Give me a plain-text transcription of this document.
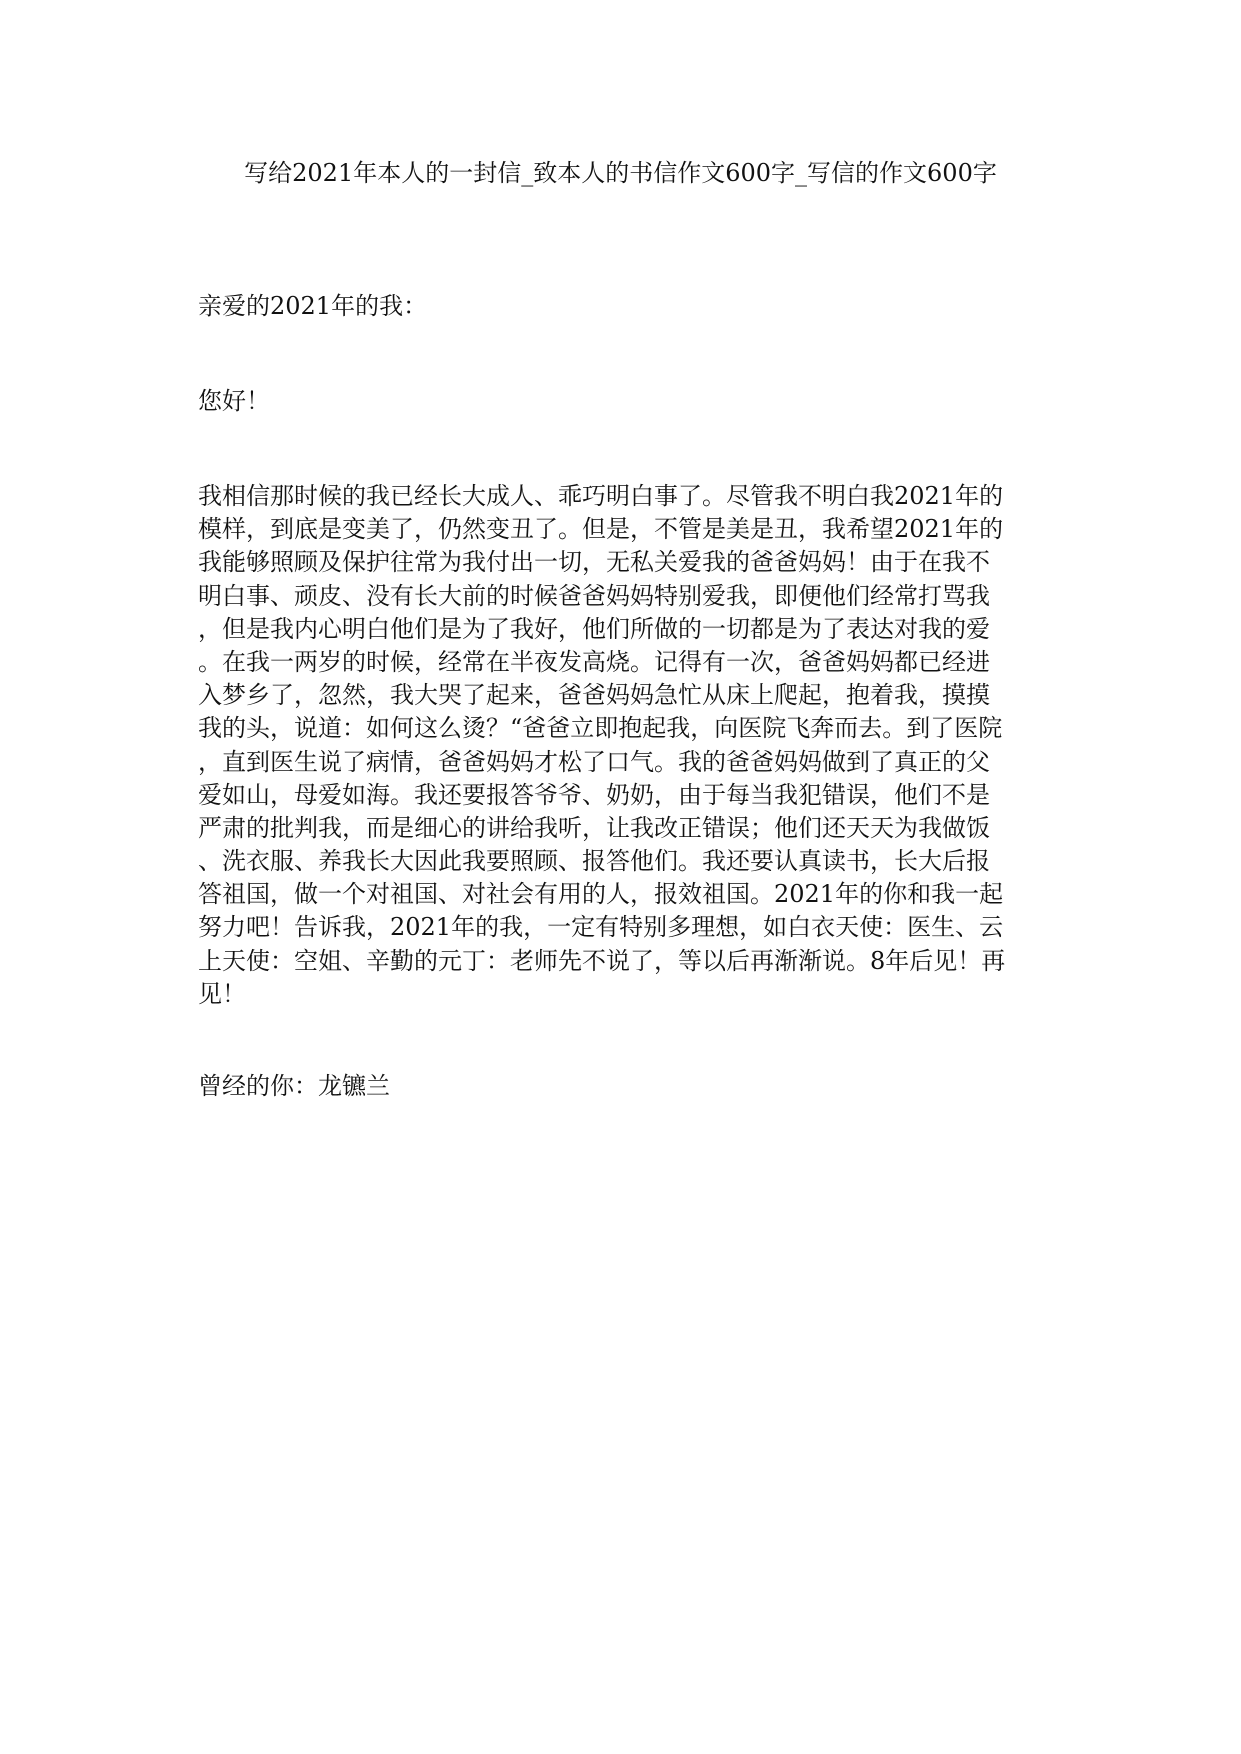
写给2021年本人的一封信_致本人的书信作文600字_写信的作文600字
亲爱的2021年的我：
您好！
我相信那时候的我已经长大成人、乖巧明白事了。尽管我不明白我2021年的
模样，到底是变美了，仍然变丑了。但是，不管是美是丑，我希望2021年的
我能够照顾及保护往常为我付出一切，无私关爱我的爸爸妈妈！由于在我不
明白事、顽皮、没有长大前的时候爸爸妈妈特别爱我，即便他们经常打骂我
，但是我内心明白他们是为了我好，他们所做的一切都是为了表达对我的爱
。在我一两岁的时候，经常在半夜发高烧。记得有一次，爸爸妈妈都已经进
入梦乡了，忽然，我大哭了起来，爸爸妈妈急忙从床上爬起，抱着我，摸摸
我的头，说道：如何这么烫？“爸爸立即抱起我，向医院飞奔而去。到了医院
，直到医生说了病情，爸爸妈妈才松了口气。我的爸爸妈妈做到了真正的父
爱如山，母爱如海。我还要报答爷爷、奶奶，由于每当我犯错误，他们不是
严肃的批判我，而是细心的讲给我听，让我改正错误；他们还天天为我做饭
、洗衣服、养我长大因此我要照顾、报答他们。我还要认真读书，长大后报
答祖国，做一个对祖国、对社会有用的人，报效祖国。2021年的你和我一起
努力吧！告诉我，2021年的我，一定有特别多理想，如白衣天使：医生、云
上天使：空姐、辛勤的元丁：老师先不说了，等以后再渐渐说。8年后见！再
见！
曾经的你：龙镳兰
